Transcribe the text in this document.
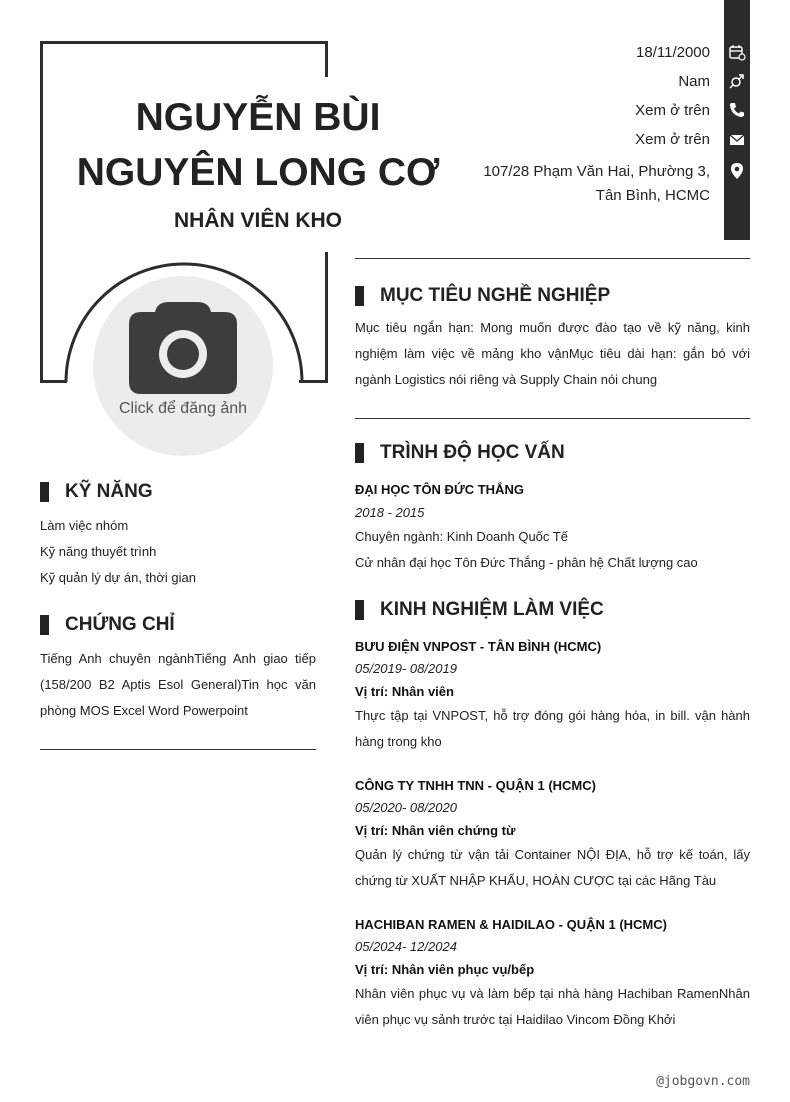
NGUYỄN BÙI
NGUYÊN LONG CƠ
NHÂN VIÊN KHO
Click để đăng ảnh
18/11/2000
Nam
Xem ở trên
Xem ở trên
107/28 Phạm Văn Hai, Phường 3,
Tân Bình, HCMC
MỤC TIÊU NGHỀ NGHIỆP
Mục tiêu ngắn hạn: Mong muốn được đào tạo về kỹ năng, kinh nghiệm làm việc về mảng kho vậnMục tiêu dài hạn: gắn bó với ngành Logistics nói riêng và Supply Chain nói chung
TRÌNH ĐỘ HỌC VẤN
ĐẠI HỌC TÔN ĐỨC THẮNG
2018 - 2015
Chuyên ngành: Kinh Doanh Quốc Tế
Cử nhân đại học Tôn Đức Thắng - phân hệ Chất lượng cao
KINH NGHIỆM LÀM VIỆC
BƯU ĐIỆN VNPOST - TÂN BÌNH (HCMC)
05/2019- 08/2019
Vị trí: Nhân viên
Thực tập tại VNPOST, hỗ trợ đóng gói hàng hóa, in bill. vận hành hàng trong kho
CÔNG TY TNHH TNN - QUẬN 1 (HCMC)
05/2020- 08/2020
Vị trí: Nhân viên chứng từ
Quản lý chứng từ vận tải Container NỘI ĐỊA, hỗ trợ kế toán, lấy chứng từ XUẤT NHẬP KHẨU, HOÀN CƯỢC tại các Hãng Tàu
HACHIBAN RAMEN & HAIDILAO - QUẬN 1 (HCMC)
05/2024- 12/2024
Vị trí: Nhân viên phục vụ/bếp
Nhân viên phục vụ và làm bếp tại nhà hàng Hachiban RamenNhân viên phục vụ sảnh trước tại Haidilao Vincom Đồng Khởi
KỸ NĂNG
Làm việc nhóm
Kỹ năng thuyết trình
Kỹ quản lý dự án, thời gian
CHỨNG CHỈ
Tiếng Anh chuyên ngànhTiếng Anh giao tiếp (158/200 B2 Aptis Esol General)Tin học văn phòng MOS Excel Word Powerpoint
@jobgovn.com
